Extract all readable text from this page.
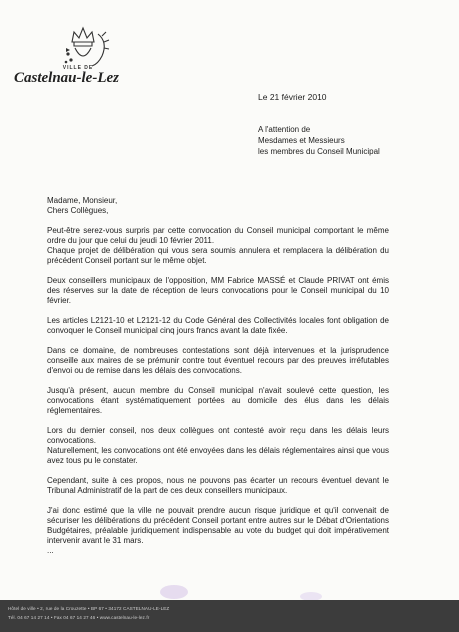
VILLE DE
Castelnau-le-Lez
Le 21 février 2010
A l'attention de
Mesdames et Messieurs
les membres du Conseil Municipal

Madame, Monsieur,

Chers Collègues,

Peut-être serez-vous surpris par cette convocation du Conseil municipal comportant le même ordre du jour que celui du jeudi 10 février 2011.

Chaque projet de délibération qui vous sera soumis annulera et remplacera la délibération du précédent Conseil portant sur le même objet.

Deux conseillers municipaux de l'opposition, MM Fabrice MASSÉ et Claude PRIVAT ont émis des réserves sur la date de réception de leurs convocations pour le Conseil municipal du 10 février.

Les articles L2121-10 et L2121-12 du Code Général des Collectivités locales font obligation de convoquer le Conseil municipal cinq jours francs avant la date fixée.

Dans ce domaine, de nombreuses contestations sont déjà intervenues et la jurisprudence conseille aux maires de se prémunir contre tout éventuel recours par des preuves irréfutables d'envoi ou de remise dans les délais des convocations.

Jusqu'à présent, aucun membre du Conseil municipal n'avait soulevé cette question, les convocations étant systématiquement portées au domicile des élus dans les délais réglementaires.

Lors du dernier conseil, nos deux collègues ont contesté avoir reçu dans les délais leurs convocations.

Naturellement, les convocations ont été envoyées dans les délais réglementaires ainsi que vous avez tous pu le constater.

Cependant, suite à ces propos, nous ne pouvons pas écarter un recours éventuel devant le Tribunal Administratif de la part de ces deux conseillers municipaux.

J'ai donc estimé que la ville ne pouvait prendre aucun risque juridique et qu'il convenait de sécuriser les délibérations du précédent Conseil portant entre autres sur le Débat d'Orientations Budgétaires, préalable juridiquement indispensable au vote du budget qui doit impérativement intervenir avant le 31 mars.

...

Hôtel de ville • 2, rue de la Crouzette • BP 67 • 34172 CASTELNAU-LE-LEZ
Tél. 04 67 14 27 14 • Fax 04 67 14 27 46 • www.castelnau-le-lez.fr
